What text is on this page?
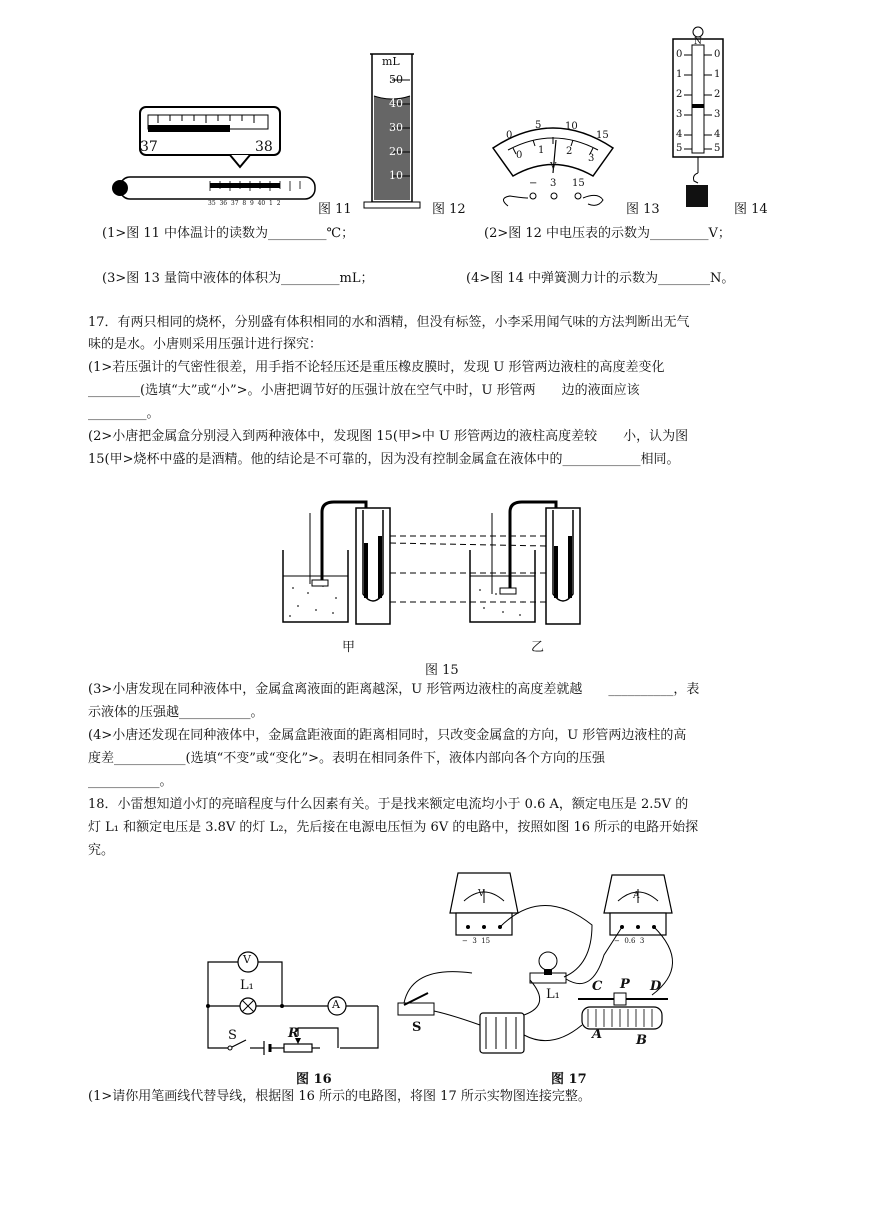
37	38
35  36  37  8  9  40  1  2	图 11
mL
50
40
30
20
10
图 12
0
5 10
15
0 1 2
3
V
− 3 15
图 13
N
0
1
2
3
4
5
0
1
2
3
4
5
图 14
(1>图 11 中体温计的读数为_________℃；	(2>图 12 中电压表的示数为_________V；
(3>图 13 量筒中液体的体积为_________mL；	(4>图 14 中弹簧测力计的示数为________N。
17．有两只相同的烧杯，分别盛有体积相同的水和酒精，但没有标签，小李采用闻气味的方法判断出无气
味的是水。小唐则采用压强计进行探究：
(1>若压强计的气密性很差，用手指不论轻压还是重压橡皮膜时，发现 U 形管两边液柱的高度差变化
________(选填“大”或“小”>。小唐把调节好的压强计放在空气中时，U 形管两　　边的液面应该
_________。
(2>小唐把金属盒分别浸入到两种液体中，发现图 15(甲>中 U 形管两边的液柱高度差较　　小，认为图
15(甲>烧杯中盛的是酒精。他的结论是不可靠的，因为没有控制金属盒在液体中的____________相同。
甲	乙
图 15
(3>小唐发现在同种液体中，金属盒离液面的距离越深，U 形管两边液柱的高度差就越　　__________，表
示液体的压强越___________。
(4>小唐还发现在同种液体中，金属盒距液面的距离相同时，只改变金属盒的方向，U 形管两边液柱的高
度差___________(选填“不变”或“变化”>。表明在相同条件下，液体内部向各个方向的压强
___________。
18．小雷想知道小灯的亮暗程度与什么因素有关。于是找来额定电流均小于 0.6 A，额定电压是 2.5V 的
灯 L₁ 和额定电压是 3.8V 的灯 L₂，先后接在电源电压恒为 6V 的电路中，按照如图 16 所示的电路开始探
究。
V
A
L₁
S	R
图 16
V	A
−  3  15	−  0.6  3
L₁
S
C P D
A	B
图 17
(1>请你用笔画线代替导线，根据图 16 所示的电路图，将图 17 所示实物图连接完整。
